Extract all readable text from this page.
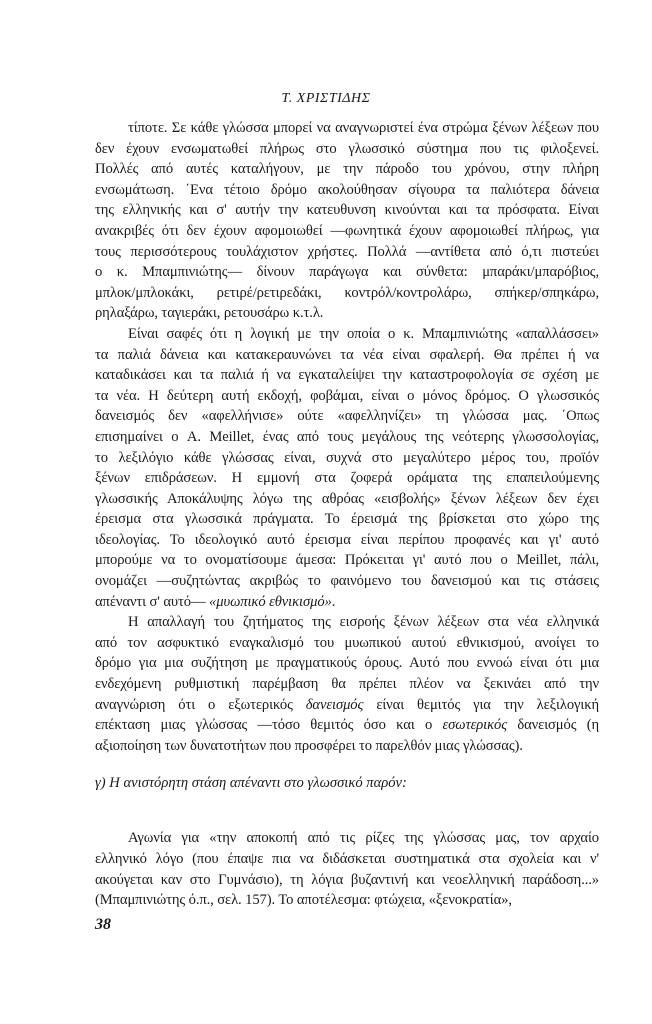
Τ. ΧΡΙΣΤΙΔΗΣ
τίποτε. Σε κάθε γλώσσα μπορεί να αναγνωριστεί ένα στρώμα ξένων λέξεων που
δεν έχουν ενσωματωθεί πλήρως στο γλωσσικό σύστημα που τις φιλοξενεί.
Πολλές από αυτές καταλήγουν, με την πάροδο του χρόνου, στην πλήρη
ενσωμάτωση. ΄Ενα τέτοιο δρόμο ακολούθησαν σίγουρα τα παλιότερα δάνεια
της ελληνικής και σ' αυτήν την κατευθυνση κινούνται και τα πρόσφατα. Είναι
ανακριβές ότι δεν έχουν αφομοιωθεί —φωνητικά έχουν αφομοιωθεί πλήρως, για
τους περισσότερους τουλάχιστον χρήστες. Πολλά —αντίθετα από ό,τι πιστεύει
ο κ. Μπαμπινιώτης— δίνουν παράγωγα και σύνθετα: μπαράκι/μπαρόβιος,
μπλοκ/μπλοκάκι, ρετιρέ/ρετιρεδάκι, κοντρόλ/κοντρολάρω, σπήκερ/σπηκάρω,
ρηλαξάρω, ταγιεράκι, ρετουσάρω κ.τ.λ.
Είναι σαφές ότι η λογική με την οποία ο κ. Μπαμπινιώτης «απαλλάσσει»
τα παλιά δάνεια και κατακεραυνώνει τα νέα είναι σφαλερή. Θα πρέπει ή να
καταδικάσει και τα παλιά ή να εγκαταλείψει την καταστροφολογία σε σχέση με
τα νέα. Η δεύτερη αυτή εκδοχή, φοβάμαι, είναι ο μόνος δρόμος. Ο γλωσσικός
δανεισμός δεν «αφελλήνισε» ούτε «αφελληνίζει» τη γλώσσα μας. ΄Οπως
επισημαίνει ο A. Meillet, ένας από τους μεγάλους της νεότερης γλωσσολογίας,
το λεξιλόγιο κάθε γλώσσας είναι, συχνά στο μεγαλύτερο μέρος του, προϊόν
ξένων επιδράσεων. Η εμμονή στα ζοφερά οράματα της επαπειλούμενης
γλωσσικής Αποκάλυψης λόγω της αθρόας «εισβολής» ξένων λέξεων δεν έχει
έρεισμα στα γλωσσικά πράγματα. Το έρεισμά της βρίσκεται στο χώρο της
ιδεολογίας. Το ιδεολογικό αυτό έρεισμα είναι περίπου προφανές και γι' αυτό
μπορούμε να το ονοματίσουμε άμεσα: Πρόκειται γι' αυτό που ο Meillet, πάλι,
ονομάζει —συζητώντας ακριβώς το φαινόμενο του δανεισμού και τις στάσεις
απέναντι σ' αυτό— «μυωπικό εθνικισμό».
Η απαλλαγή του ζητήματος της εισροής ξένων λέξεων στα νέα ελληνικά
από τον ασφυκτικό εναγκαλισμό του μυωπικού αυτού εθνικισμού, ανοίγει το
δρόμο για μια συζήτηση με πραγματικούς όρους. Αυτό που εννοώ είναι ότι μια
ενδεχόμενη ρυθμιστική παρέμβαση θα πρέπει πλέον να ξεκινάει από την
αναγνώριση ότι ο εξωτερικός δανεισμός είναι θεμιτός για την λεξιλογική
επέκταση μιας γλώσσας —τόσο θεμιτός όσο και ο εσωτερικός δανεισμός (η
αξιοποίηση των δυνατοτήτων που προσφέρει το παρελθόν μιας γλώσσας).
γ) Η ανιστόρητη στάση απέναντι στο γλωσσικό παρόν:
Αγωνία για «την αποκοπή από τις ρίζες της γλώσσας μας, τον αρχαίο
ελληνικό λόγο (που έπαψε πια να διδάσκεται συστηματικά στα σχολεία και ν'
ακούγεται καν στο Γυμνάσιο), τη λόγια βυζαντινή και νεοελληνική παράδοση...»
(Μπαμπινιώτης ό.π., σελ. 157). Το αποτέλεσμα: φτώχεια, «ξενοκρατία»,
38
